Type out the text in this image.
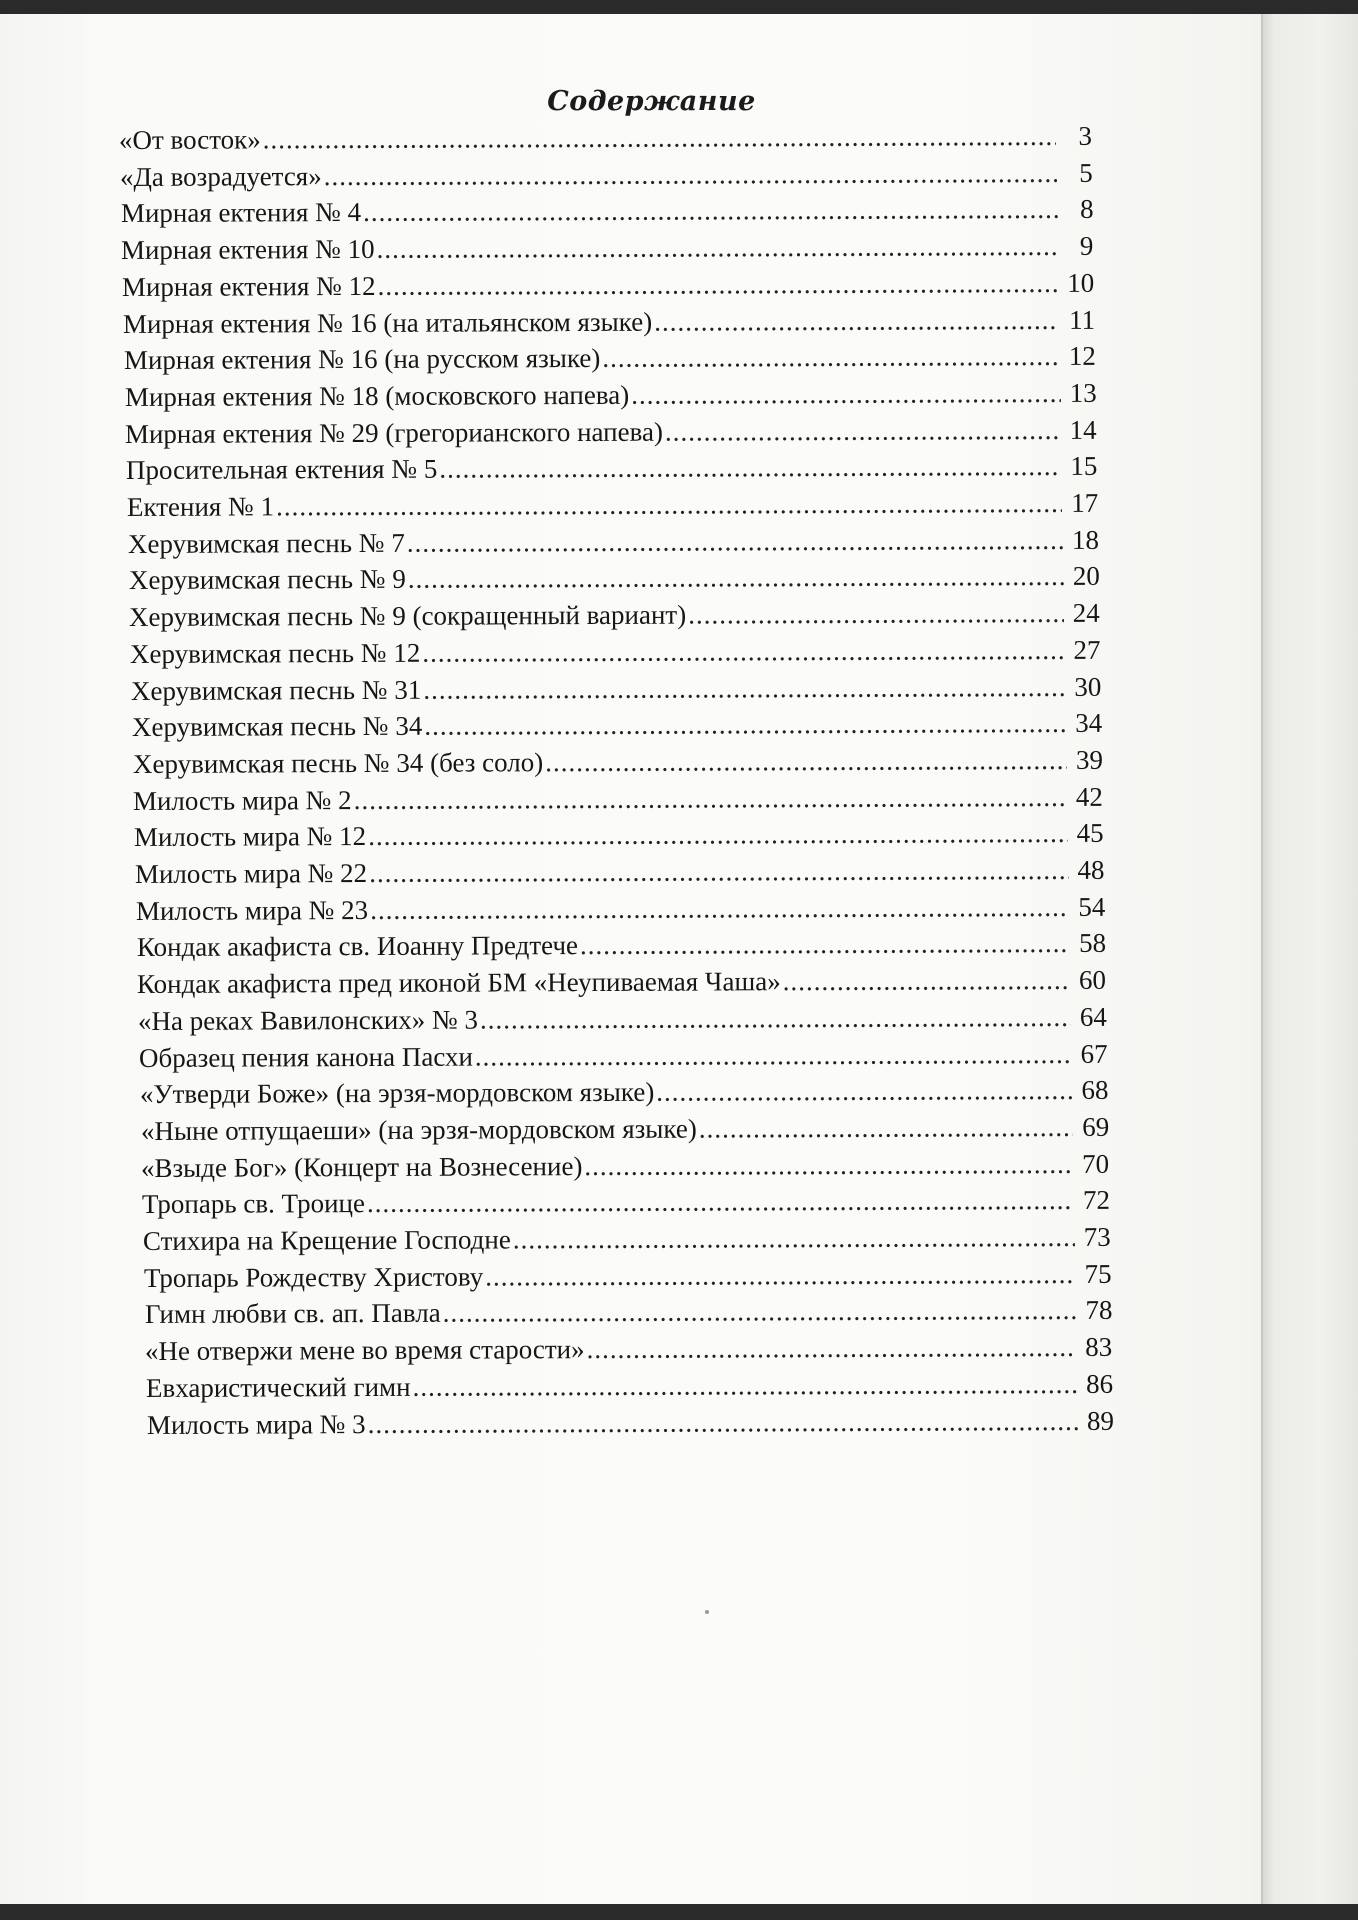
Содержание
«От восток» .....	3
«Да возрадуется» .....	5
Мирная ектения № 4 .....	8
Мирная ектения № 10 .....	9
Мирная ектения № 12 .....	10
Мирная ектения № 16 (на итальянском языке) .....	11
Мирная ектения № 16 (на русском языке) .....	12
Мирная ектения № 18 (московского напева) .....	13
Мирная ектения № 29 (грегорианского напева) .....	14
Просительная ектения № 5 .....	15
Ектения № 1 .....	17
Херувимская песнь № 7 .....	18
Херувимская песнь № 9 .....	20
Херувимская песнь № 9 (сокращенный вариант) .....	24
Херувимская песнь № 12 .....	27
Херувимская песнь № 31 .....	30
Херувимская песнь № 34 .....	34
Херувимская песнь № 34 (без соло) .....	39
Милость мира № 2 .....	42
Милость мира № 12 .....	45
Милость мира № 22 .....	48
Милость мира № 23 .....	54
Кондак акафиста св. Иоанну Предтече .....	58
Кондак акафиста пред иконой БМ «Неупиваемая Чаша» .....	60
«На реках Вавилонских» № 3 .....	64
Образец пения канона Пасхи .....	67
«Утверди Боже» (на эрзя-мордовском языке) .....	68
«Ныне отпущаеши» (на эрзя-мордовском языке) .....	69
«Взыде Бог» (Концерт на Вознесение) .....	70
Тропарь св. Троице .....	72
Стихира на Крещение Господне .....	73
Тропарь Рождеству Христову .....	75
Гимн любви св. ап. Павла .....	78
«Не отвержи мене во время старости» .....	83
Евхаристический гимн .....	86
Милость мира № 3 .....	89
